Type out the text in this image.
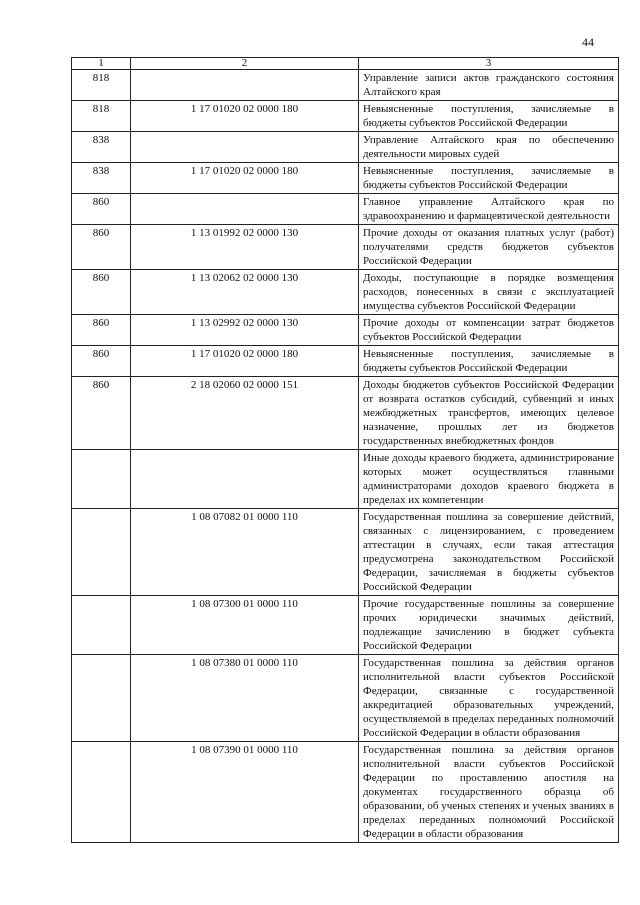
44
1	2	3
818		Управление записи актов гражданского состояния Алтайского края
818	1 17 01020 02 0000 180	Невыясненные поступления, зачисляемые в бюджеты субъектов Российской Федерации
838		Управление Алтайского края по обеспечению деятельности мировых судей
838	1 17 01020 02 0000 180	Невыясненные поступления, зачисляемые в бюджеты субъектов Российской Федерации
860		Главное управление Алтайского края по здравоохранению и фармацевтической деятельности
860	1 13 01992 02 0000 130	Прочие доходы от оказания платных услуг (работ) получателями средств бюджетов субъектов Российской Федерации
860	1 13 02062 02 0000 130	Доходы, поступающие в порядке возмещения расходов, понесенных в связи с эксплуатацией имущества субъектов Российской Федерации
860	1 13 02992 02 0000 130	Прочие доходы от компенсации затрат бюджетов субъектов Российской Федерации
860	1 17 01020 02 0000 180	Невыясненные поступления, зачисляемые в бюджеты субъектов Российской Федерации
860	2 18 02060 02 0000 151	Доходы бюджетов субъектов Российской Федерации от возврата остатков субсидий, субвенций и иных межбюджетных трансфертов, имеющих целевое назначение, прошлых лет из бюджетов государственных внебюджетных фондов
		Иные доходы краевого бюджета, администрирование которых может осуществляться главными администраторами доходов краевого бюджета в пределах их компетенции
	1 08 07082 01 0000 110	Государственная пошлина за совершение действий, связанных с лицензированием, с проведением аттестации в случаях, если такая аттестация предусмотрена законодательством Российской Федерации, зачисляемая в бюджеты субъектов Российской Федерации
	1 08 07300 01 0000 110	Прочие государственные пошлины за совершение прочих юридически значимых действий, подлежащие зачислению в бюджет субъекта Российской Федерации
	1 08 07380 01 0000 110	Государственная пошлина за действия органов исполнительной власти субъектов Российской Федерации, связанные с государственной аккредитацией образовательных учреждений, осуществляемой в пределах переданных полномочий Российской Федерации в области образования
	1 08 07390 01 0000 110	Государственная пошлина за действия органов исполнительной власти субъектов Российской Федерации по проставлению апостиля на документах государственного образца об образовании, об ученых степенях и ученых званиях в пределах переданных полномочий Российской Федерации в области образования
